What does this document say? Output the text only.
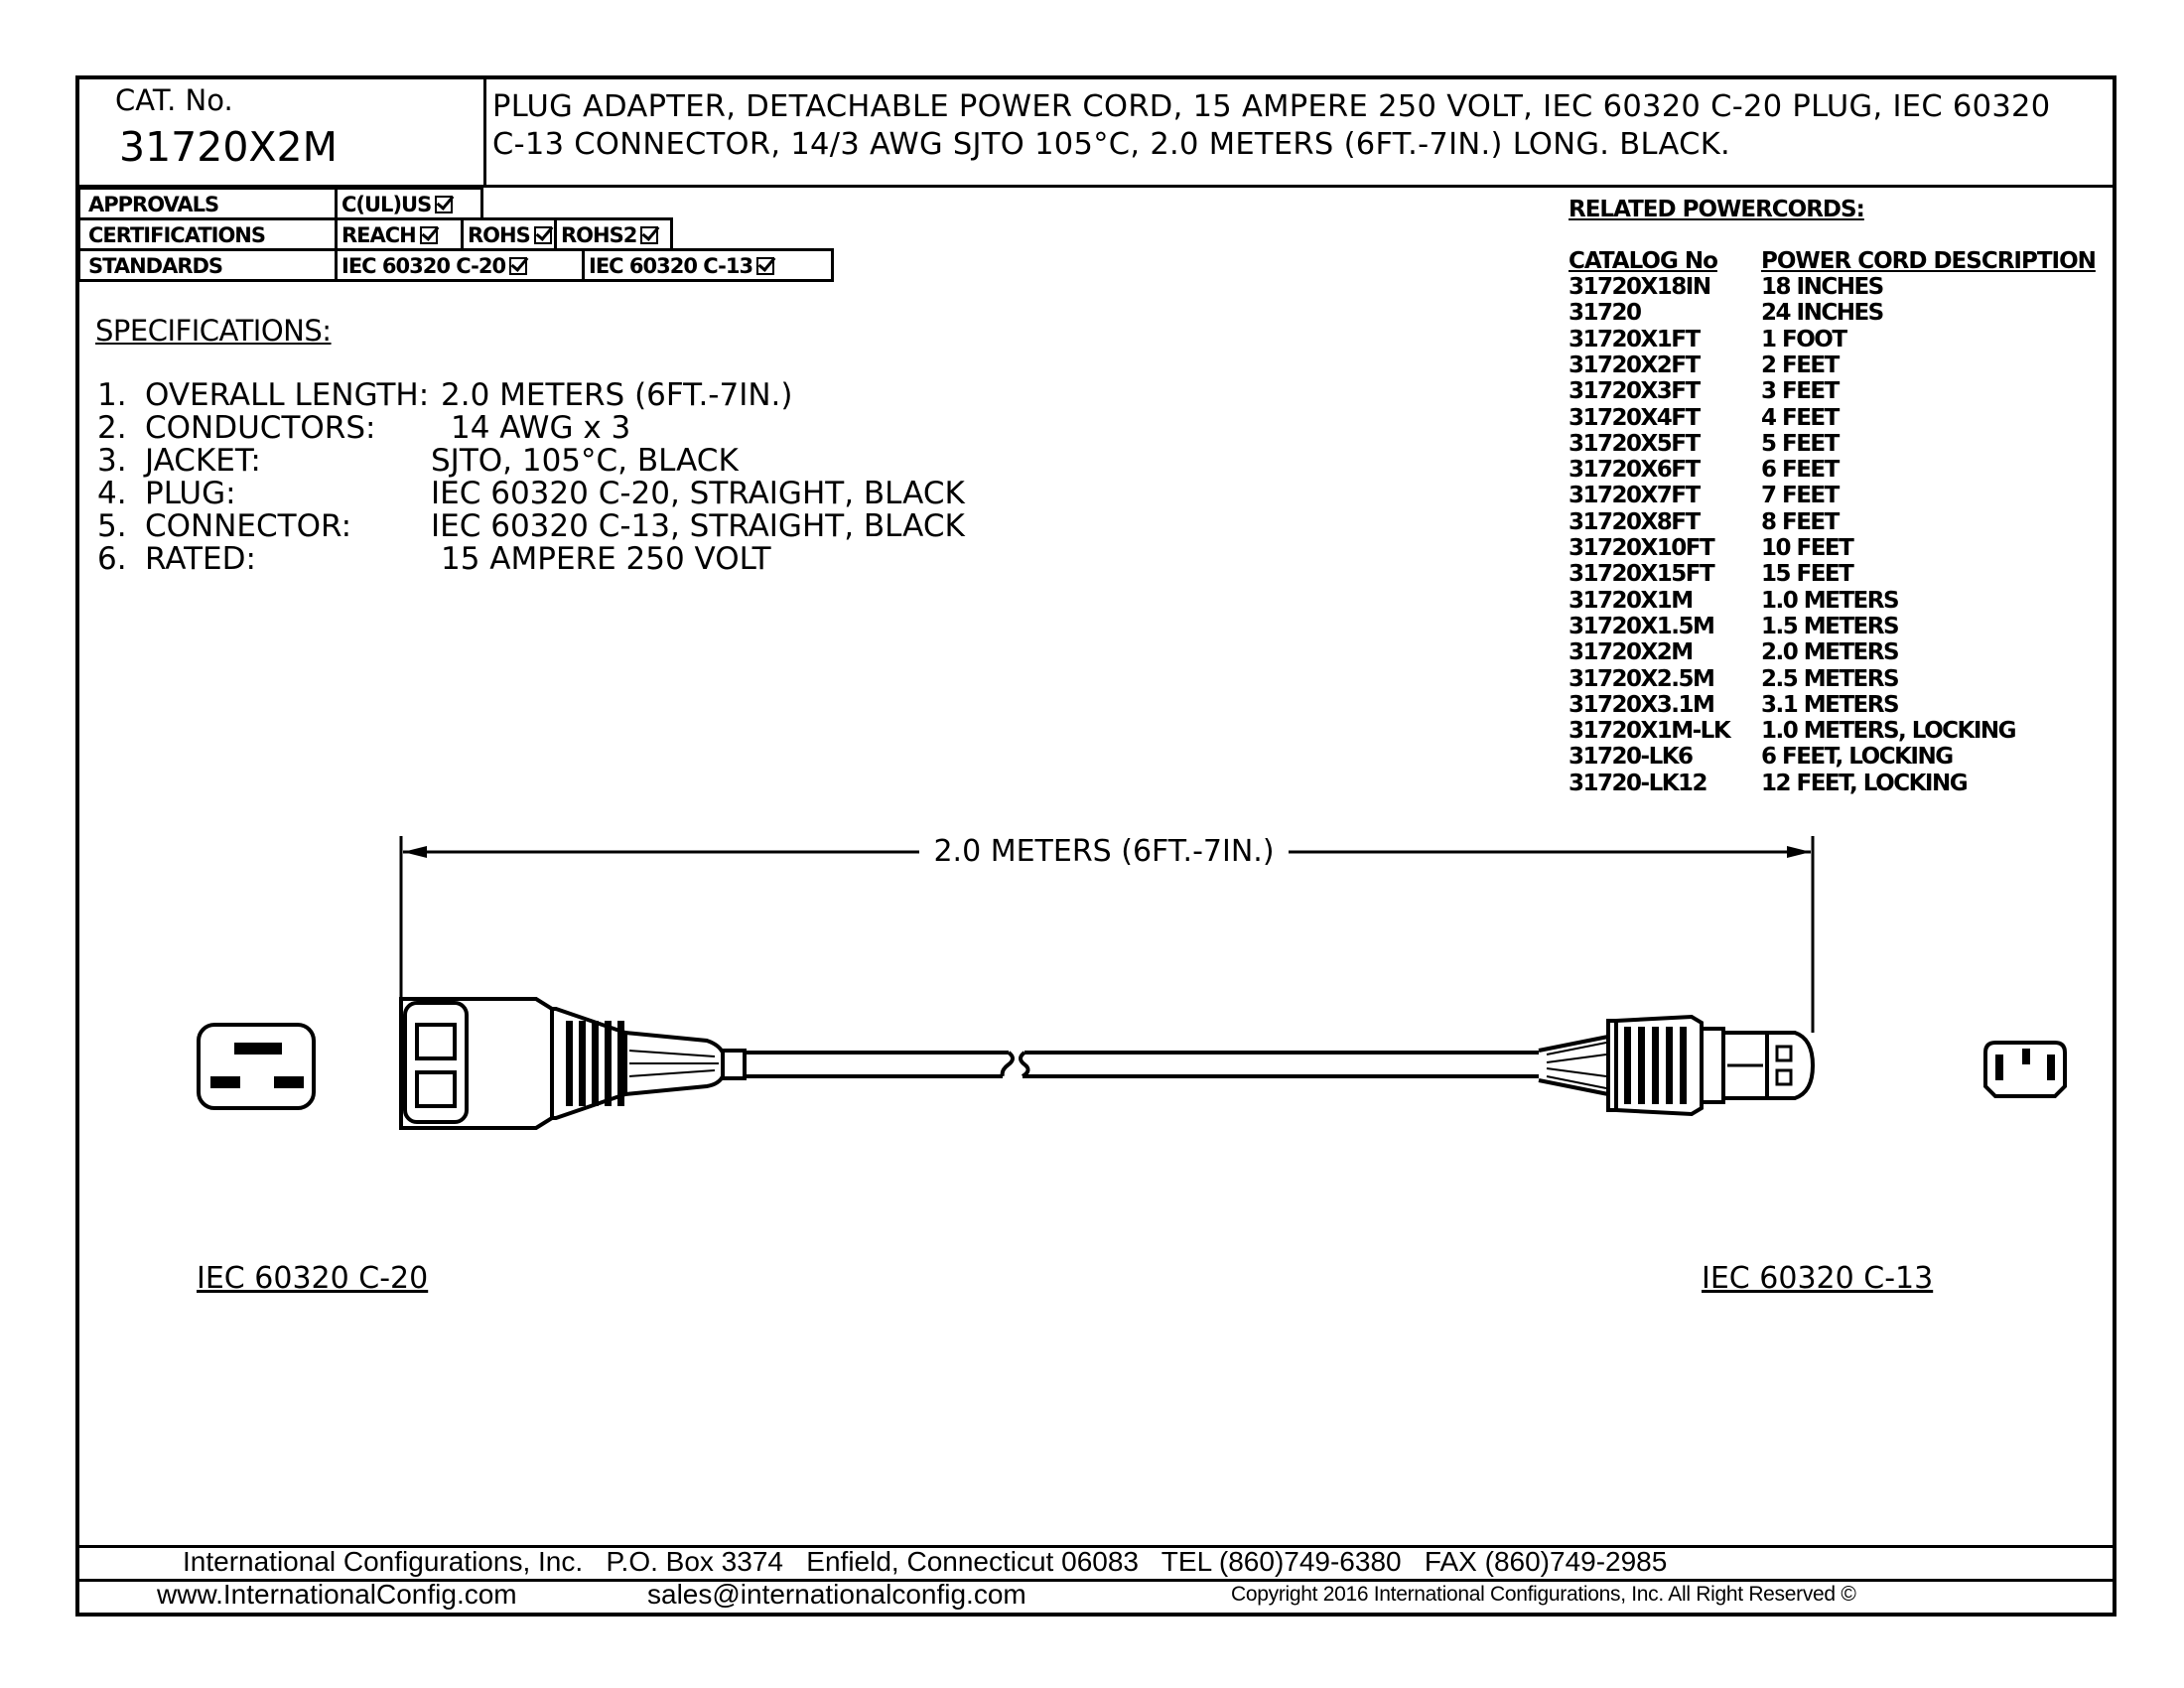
CAT. No.
31720X2M
PLUG ADAPTER, DETACHABLE POWER CORD, 15 AMPERE 250 VOLT, IEC 60320 C-20 PLUG, IEC 60320
C-13 CONNECTOR, 14/3 AWG SJTO 105°C, 2.0 METERS (6FT.-7IN.) LONG. BLACK.
APPROVALS	C(UL)US
CERTIFICATIONS	REACH	ROHS	ROHS2
STANDARDS	IEC 60320 C-20	IEC 60320 C-13
SPECIFICATIONS:
1. OVERALL LENGTH: 2.0 METERS (6FT.-7IN.)
2. CONDUCTORS: 14 AWG x 3
3. JACKET:	SJTO, 105°C, BLACK
4. PLUG:	IEC 60320 C-20, STRAIGHT, BLACK
5. CONNECTOR:	IEC 60320 C-13, STRAIGHT, BLACK
6. RATED:	15 AMPERE 250 VOLT
RELATED POWERCORDS:
CATALOG No POWER CORD DESCRIPTION
31720X18IN 18 INCHES
31720	24 INCHES
31720X1FT	1 FOOT
31720X2FT	2 FEET
31720X3FT	3 FEET
31720X4FT	4 FEET
31720X5FT	5 FEET
31720X6FT	6 FEET
31720X7FT	7 FEET
31720X8FT	8 FEET
31720X10FT 10 FEET
31720X15FT 15 FEET
31720X1M	1.0 METERS
31720X1.5M 1.5 METERS
31720X2M	2.0 METERS
31720X2.5M 2.5 METERS
31720X3.1M 3.1 METERS
31720X1M-LK 1.0 METERS, LOCKING
31720-LK6	6 FEET, LOCKING
31720-LK12 12 FEET, LOCKING
2.0 METERS (6FT.-7IN.)
IEC 60320 C-20	IEC 60320 C-13
International Configurations, Inc.   P.O. Box 3374   Enfield, Connecticut 06083   TEL (860)749-6380   FAX (860)749-2985
www.InternationalConfig.com	sales@internationalconfig.com	Copyright 2016 International Configurations, Inc. All Right Reserved ©
